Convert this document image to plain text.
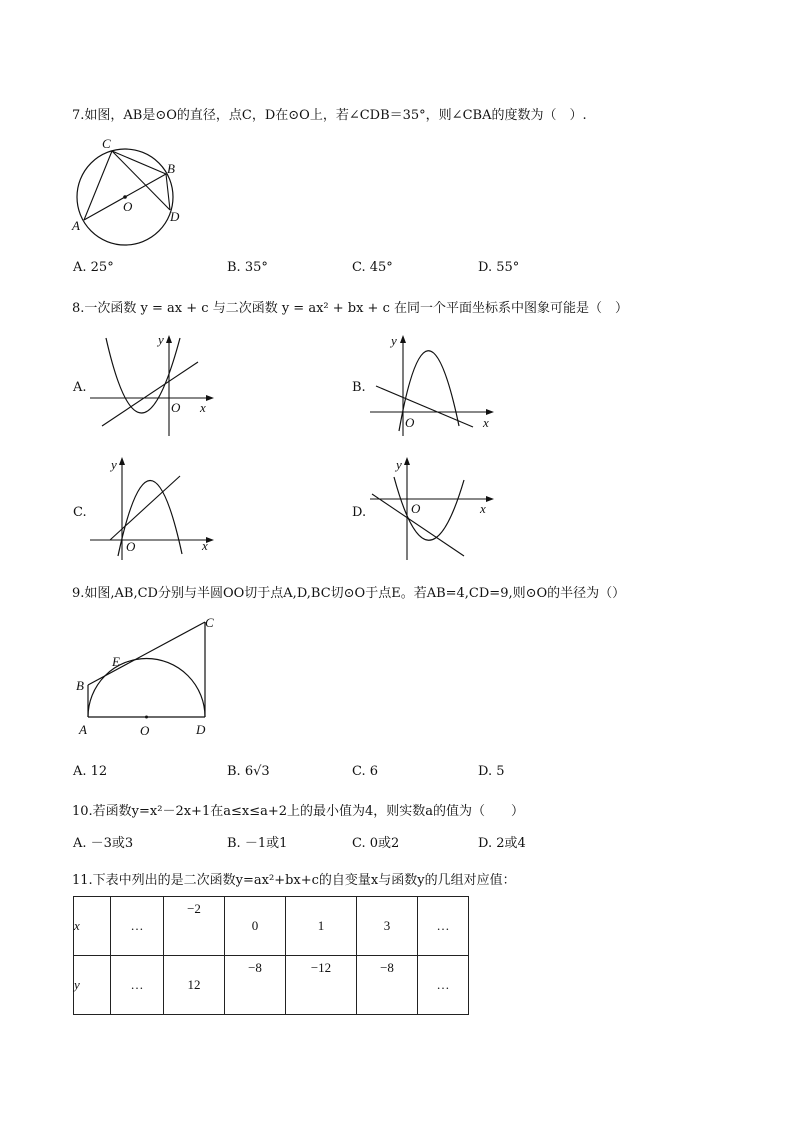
7.如图，AB是⊙O的直径，点C，D在⊙O上，若∠CDB＝35°，则∠CBA的度数为（　）.
C
B
O
A
D
A. 25°	B. 35°	C. 45°	D. 55°
8.一次函数 y = ax + c 与二次函数 y = ax² + bx + c 在同一个平面坐标系中图象可能是（　）
A.
y
x
O
B.
y
x
O
C.
y
x
O
D.
y
x
O
9.如图,AB,CD分别与半圆OO切于点A,D,BC切⊙O于点E。若AB=4,CD=9,则⊙O的半径为（）
C
E
B
A	O	D
A. 12	B. 6√3	C. 6	D. 5
10.若函数y=x²－2x+1在a≤x≤a+2上的最小值为4，则实数a的值为（　　）
A. －3或3	B. －1或1	C. 0或2	D. 2或4
11.下表中列出的是二次函数y=ax²+bx+c的自变量x与函数y的几组对应值：
x	…	−2	0	1	3	…
y	…	12	−8	−12	−8	…
